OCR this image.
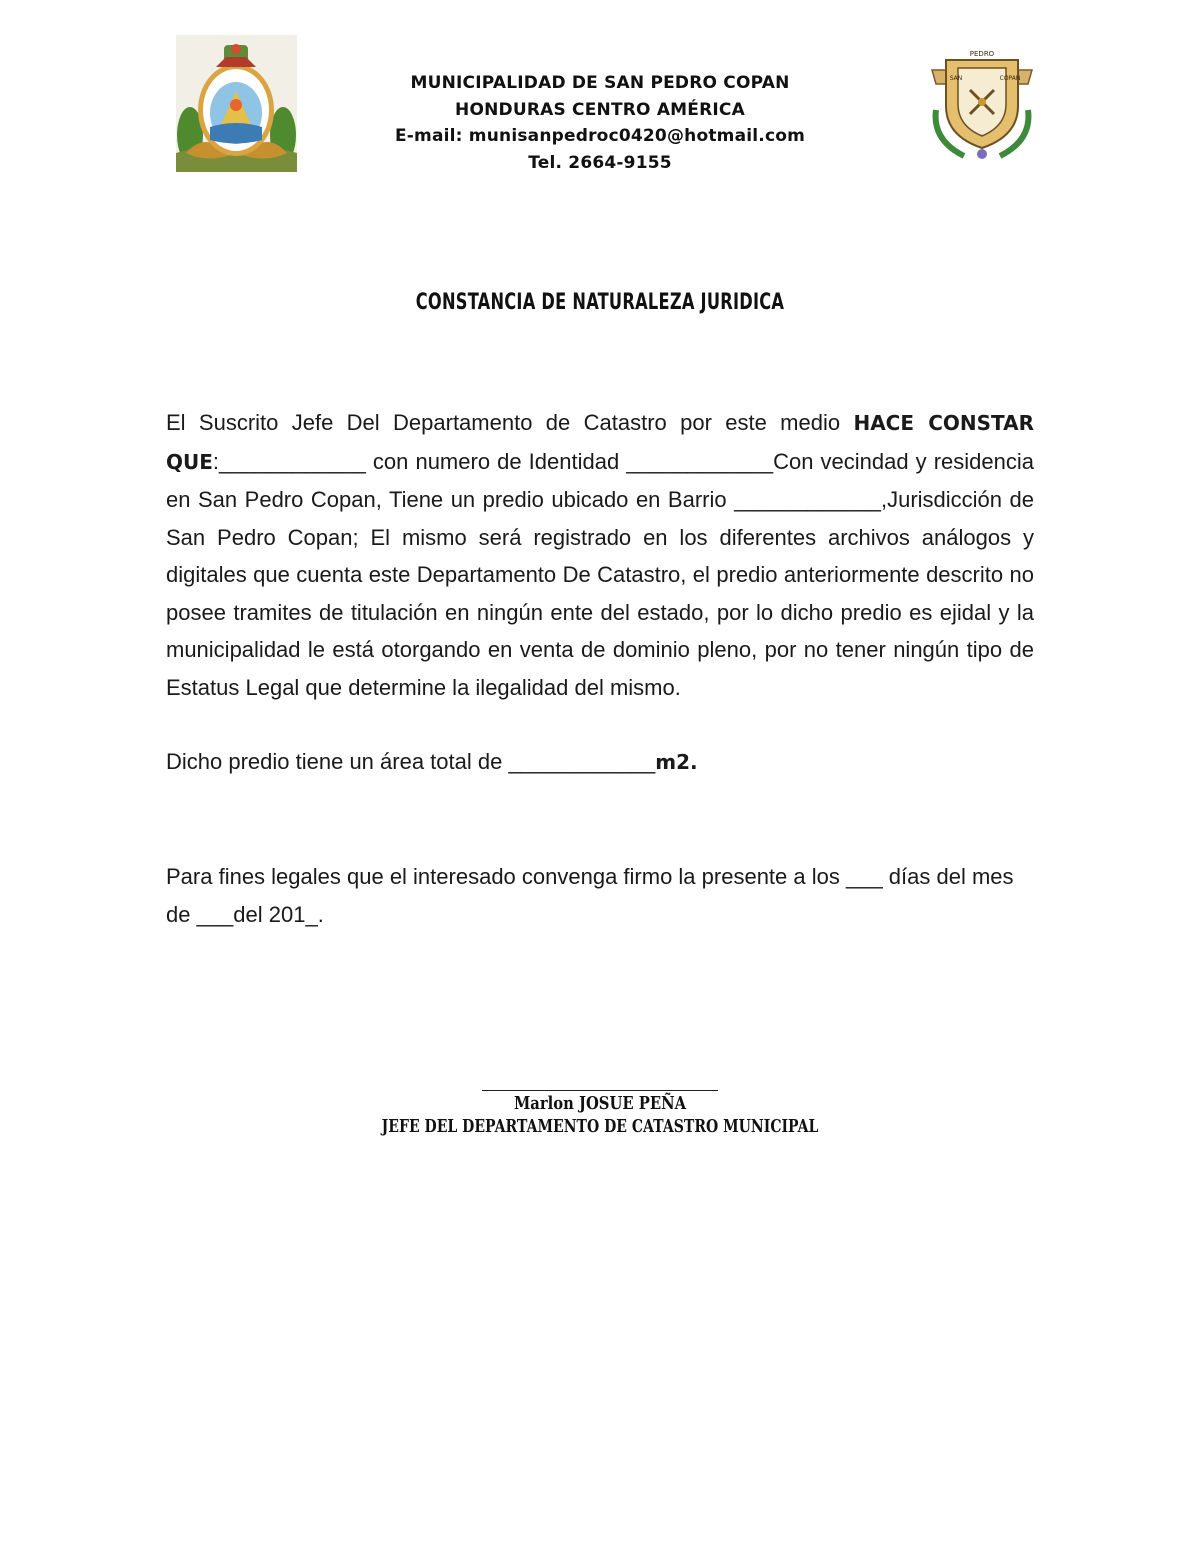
MUNICIPALIDAD DE SAN PEDRO COPAN
HONDURAS CENTRO AMÉRICA
E-mail: munisanpedroc0420@hotmail.com
Tel. 2664-9155
PEDRO
SAN	COPAN
CONSTANCIA DE NATURALEZA JURIDICA
El Suscrito Jefe Del Departamento de Catastro por este medio HACE CONSTAR QUE:____________ con numero de Identidad ____________Con vecindad y residencia en San Pedro Copan, Tiene un predio ubicado en Barrio ____________,Jurisdicción de San Pedro Copan; El mismo será registrado en los diferentes archivos análogos y digitales que cuenta este Departamento De Catastro, el predio anteriormente descrito no posee tramites de titulación en ningún ente del estado, por lo dicho predio es ejidal y la municipalidad le está otorgando en venta de dominio pleno, por no tener ningún tipo de Estatus Legal que determine la ilegalidad del mismo.
Dicho predio tiene un área total de ____________m2.
Para fines legales que el interesado convenga firmo la presente a los ___ días del mes de ___del 201_.
Marlon JOSUE PEÑA
JEFE DEL DEPARTAMENTO DE CATASTRO MUNICIPAL
